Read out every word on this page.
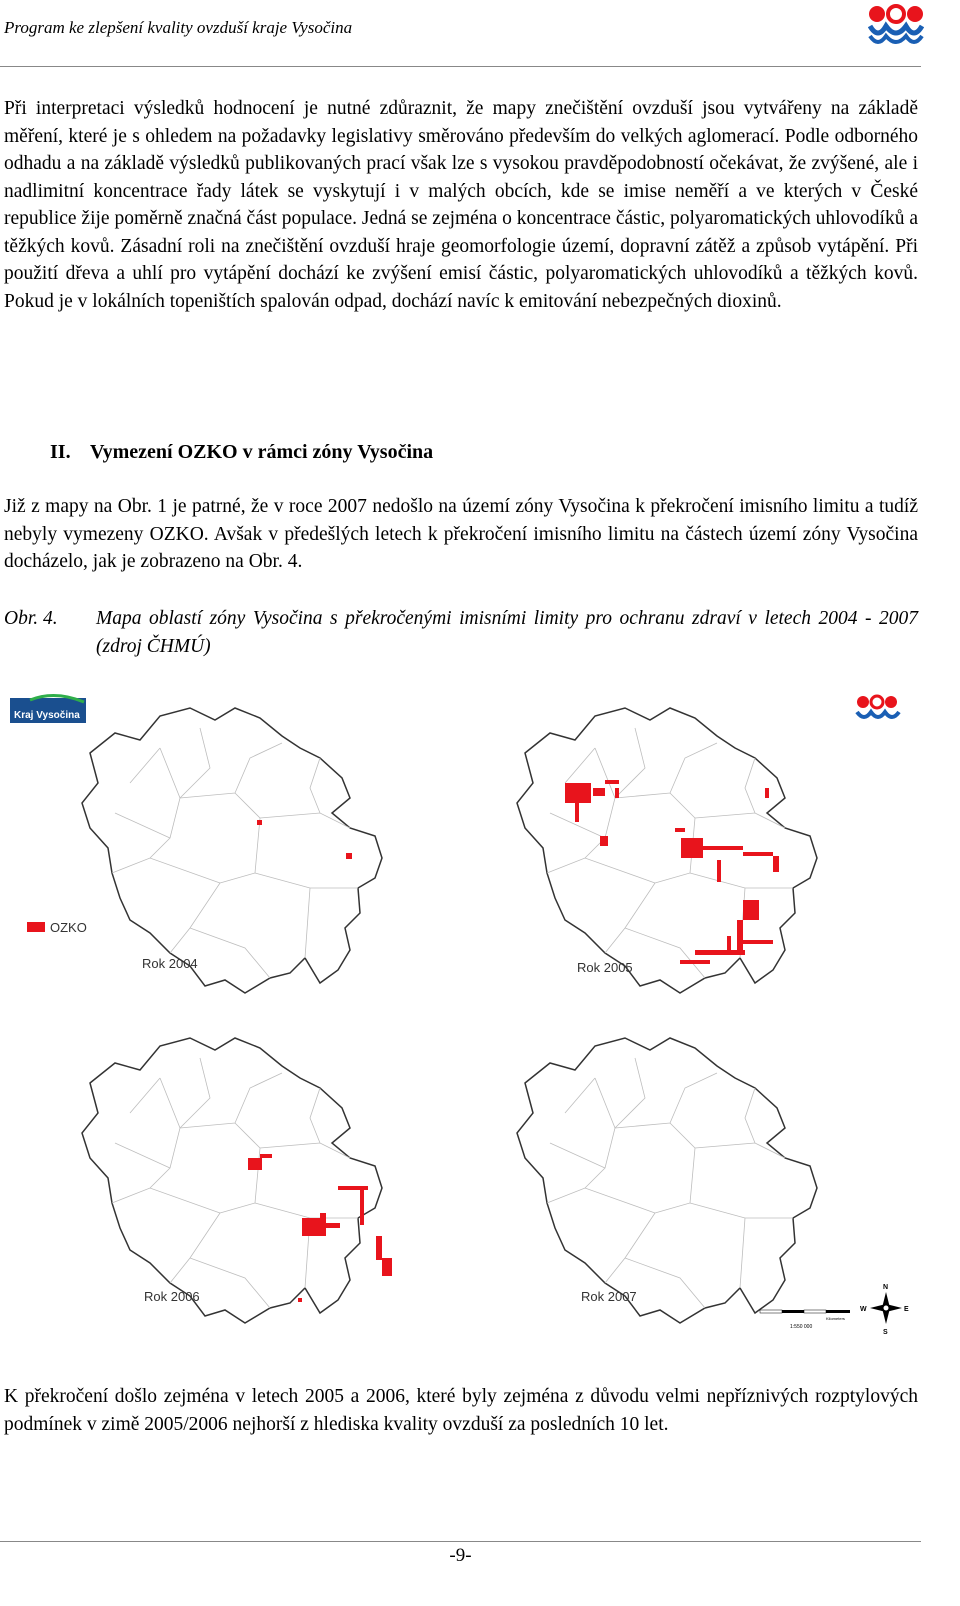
Program ke zlepšení kvality ovzduší kraje Vysočina

Při interpretaci výsledků hodnocení je nutné zdůraznit, že mapy znečištění ovzduší jsou vytvářeny na základě měření, které je s ohledem na požadavky legislativy směrováno především do velkých aglomerací. Podle odborného odhadu a na základě výsledků publikovaných prací však lze s vysokou pravděpodobností očekávat, že zvýšené, ale i nadlimitní koncentrace řady látek se vyskytují i v malých obcích, kde se imise neměří a ve kterých v České republice žije poměrně značná část populace. Jedná se zejména o koncentrace částic, polyaromatických uhlovodíků a těžkých kovů. Zásadní roli na znečištění ovzduší hraje geomorfologie území, dopravní zátěž a způsob vytápění. Při použití dřeva a uhlí pro vytápění dochází ke zvýšení emisí částic, polyaromatických uhlovodíků a těžkých kovů. Pokud je v lokálních topeništích spalován odpad, dochází navíc k emitování nebezpečných dioxinů.

II. Vymezení OZKO v rámci zóny Vysočina

Již z mapy na Obr. 1 je patrné, že v roce 2007 nedošlo na území zóny Vysočina k překročení imisního limitu a tudíž nebyly vymezeny OZKO. Avšak v předešlých letech k překročení imisního limitu na částech území zóny Vysočina docházelo, jak je zobrazeno na Obr. 4.

Obr. 4. Mapa oblastí zóny Vysočina s překročenými imisními limity pro ochranu zdraví v letech 2004 - 2007 (zdroj ČHMÚ)
Kraj Vysočina
OZKO
Rok 2004	Rok 2005
Rok 2006	Rok 2007
1:550 000
Kilometers
N
E
S
W

K překročení došlo zejména v letech 2005 a 2006, které byly zejména z důvodu velmi nepříznivých rozptylových podmínek v zimě 2005/2006 nejhorší z hlediska kvality ovzduší za posledních 10 let.

-9-
